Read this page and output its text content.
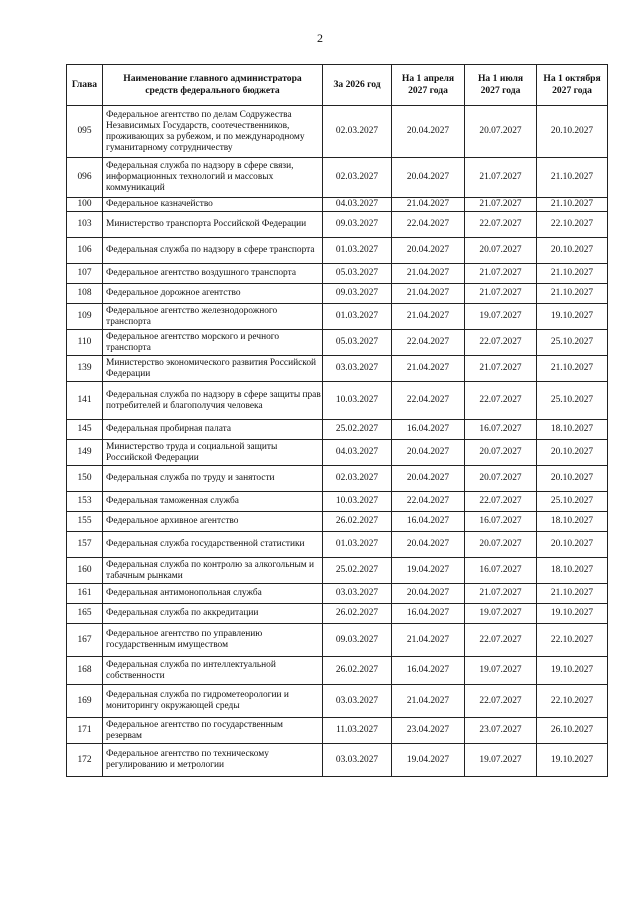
2
Глава	Наименование главного администратора средств федерального бюджета	За 2026 год	На 1 апреля 2027 года	На 1 июля 2027 года	На 1 октября 2027 года
095	Федеральное агентство по делам Содружества Независимых Государств, соотечественников, проживающих за рубежом, и по международному гуманитарному сотрудничеству	02.03.2027	20.04.2027	20.07.2027	20.10.2027
096	Федеральная служба по надзору в сфере связи, информационных технологий и массовых коммуникаций	02.03.2027	20.04.2027	21.07.2027	21.10.2027
100	Федеральное казначейство	04.03.2027	21.04.2027	21.07.2027	21.10.2027
103	Министерство транспорта Российской Федерации	09.03.2027	22.04.2027	22.07.2027	22.10.2027
106	Федеральная служба по надзору в сфере транспорта	01.03.2027	20.04.2027	20.07.2027	20.10.2027
107	Федеральное агентство воздушного транспорта	05.03.2027	21.04.2027	21.07.2027	21.10.2027
108	Федеральное дорожное агентство	09.03.2027	21.04.2027	21.07.2027	21.10.2027
109	Федеральное агентство железнодорожного транспорта	01.03.2027	21.04.2027	19.07.2027	19.10.2027
110	Федеральное агентство морского и речного транспорта	05.03.2027	22.04.2027	22.07.2027	25.10.2027
139	Министерство экономического развития Российской Федерации	03.03.2027	21.04.2027	21.07.2027	21.10.2027
141	Федеральная служба по надзору в сфере защиты прав потребителей и благополучия человека	10.03.2027	22.04.2027	22.07.2027	25.10.2027
145	Федеральная пробирная палата	25.02.2027	16.04.2027	16.07.2027	18.10.2027
149	Министерство труда и социальной защиты Российской Федерации	04.03.2027	20.04.2027	20.07.2027	20.10.2027
150	Федеральная служба по труду и занятости	02.03.2027	20.04.2027	20.07.2027	20.10.2027
153	Федеральная таможенная служба	10.03.2027	22.04.2027	22.07.2027	25.10.2027
155	Федеральное архивное агентство	26.02.2027	16.04.2027	16.07.2027	18.10.2027
157	Федеральная служба государственной статистики	01.03.2027	20.04.2027	20.07.2027	20.10.2027
160	Федеральная служба по контролю за алкогольным и табачным рынками	25.02.2027	19.04.2027	16.07.2027	18.10.2027
161	Федеральная антимонопольная служба	03.03.2027	20.04.2027	21.07.2027	21.10.2027
165	Федеральная служба по аккредитации	26.02.2027	16.04.2027	19.07.2027	19.10.2027
167	Федеральное агентство по управлению государственным имуществом	09.03.2027	21.04.2027	22.07.2027	22.10.2027
168	Федеральная служба по интеллектуальной собственности	26.02.2027	16.04.2027	19.07.2027	19.10.2027
169	Федеральная служба по гидрометеорологии и мониторингу окружающей среды	03.03.2027	21.04.2027	22.07.2027	22.10.2027
171	Федеральное агентство по государственным резервам	11.03.2027	23.04.2027	23.07.2027	26.10.2027
172	Федеральное агентство по техническому регулированию и метрологии	03.03.2027	19.04.2027	19.07.2027	19.10.2027
